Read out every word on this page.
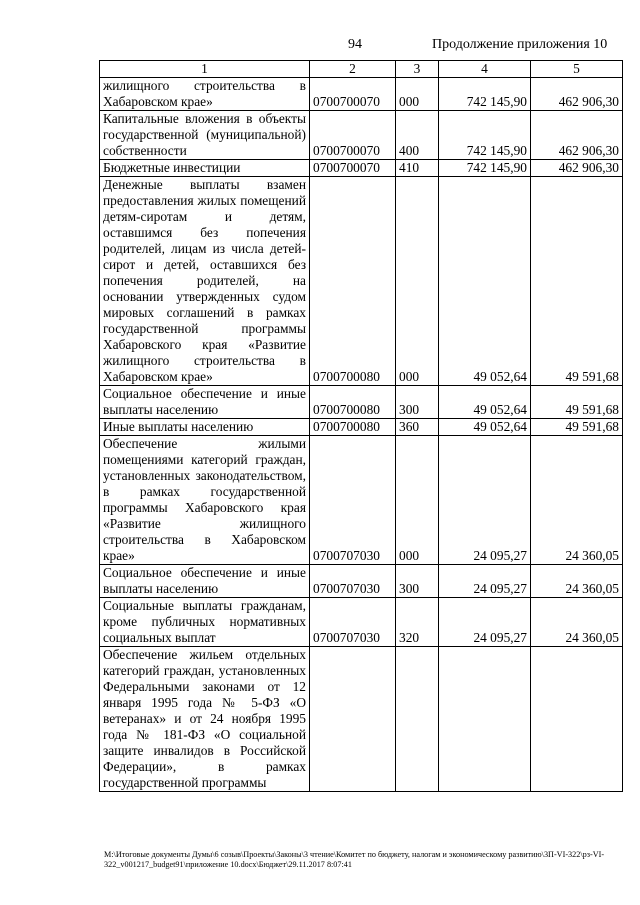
94	Продолжение приложения 10
1	2	3	4	5
жилищного строительства в Хабаровском крае»	0700700070	000	742 145,90	462 906,30
Капитальные вложения в объекты государственной (муниципальной) собственности	0700700070	400	742 145,90	462 906,30
Бюджетные инвестиции	0700700070	410	742 145,90	462 906,30
Денежные выплаты взамен предоставления жилых помещений детям-сиротам и детям, оставшимся без попечения родителей, лицам из числа детей-сирот и детей, оставшихся без попечения родителей, на основании утвержденных судом мировых соглашений в рамках государственной программы Хабаровского края «Развитие жилищного строительства в Хабаровском крае»	0700700080	000	49 052,64	49 591,68
Социальное обеспечение и иные выплаты населению	0700700080	300	49 052,64	49 591,68
Иные выплаты населению	0700700080	360	49 052,64	49 591,68
Обеспечение жилыми помещениями категорий граждан, установленных законодательством, в рамках государственной программы Хабаровского края «Развитие жилищного строительства в Хабаровском крае»	0700707030	000	24 095,27	24 360,05
Социальное обеспечение и иные выплаты населению	0700707030	300	24 095,27	24 360,05
Социальные выплаты гражданам, кроме публичных нормативных социальных выплат	0700707030	320	24 095,27	24 360,05
Обеспечение жильем отдельных категорий граждан, установленных Федеральными законами от 12 января 1995 года № 5-ФЗ «О ветеранах» и от 24 ноября 1995 года № 181-ФЗ «О социальной защите инвалидов в Российской Федерации», в рамках государственной программы				
M:\Итоговые документы Думы\6 созыв\Проекты\Законы\3 чтение\Комитет по бюджету, налогам и экономическому развитию\3П-VI-322\рз-VI-322_v001217_budget91\приложение 10.docx\Бюджет\29.11.2017 8:07:41
